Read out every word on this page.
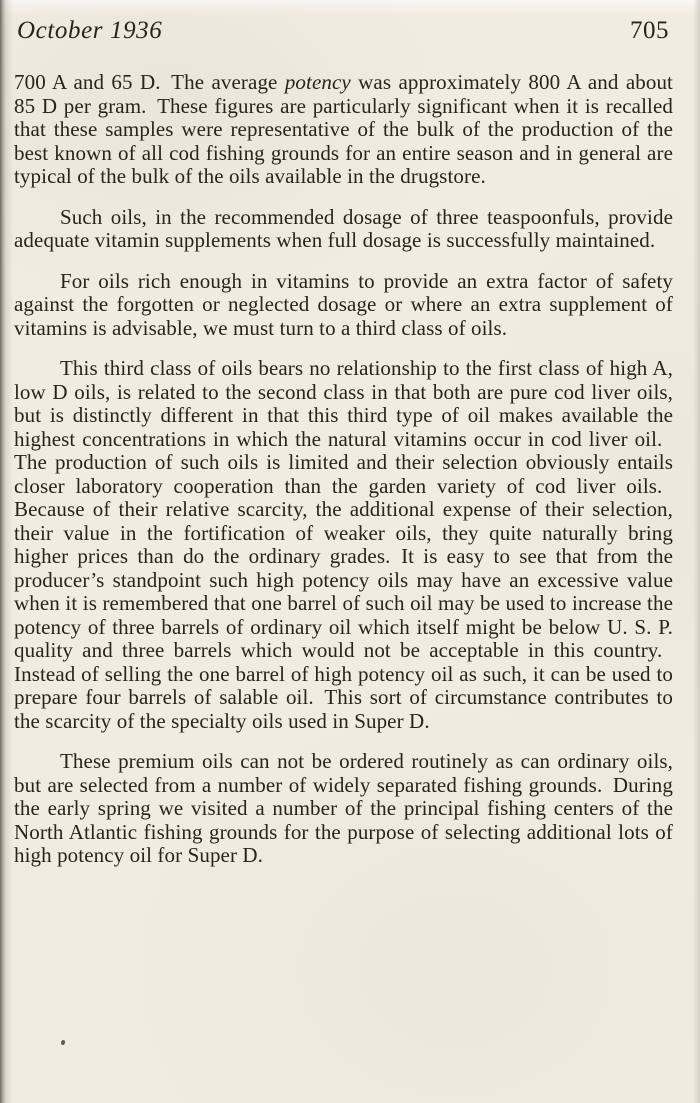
October 1936	705

700 A and 65 D. The average potency was approximately 800 A and about 85 D per gram. These figures are particularly significant when it is recalled that these samples were representative of the bulk of the production of the best known of all cod fishing grounds for an entire season and in general are typical of the bulk of the oils available in the drugstore.

Such oils, in the recommended dosage of three teaspoonfuls, provide adequate vitamin supplements when full dosage is successfully maintained.

For oils rich enough in vitamins to provide an extra factor of safety against the forgotten or neglected dosage or where an extra supplement of vitamins is advisable, we must turn to a third class of oils.

This third class of oils bears no relationship to the first class of high A, low D oils, is related to the second class in that both are pure cod liver oils, but is distinctly different in that this third type of oil makes available the highest concentrations in which the natural vitamins occur in cod liver oil. The production of such oils is limited and their selection obviously entails closer laboratory cooperation than the garden variety of cod liver oils. Because of their relative scarcity, the additional expense of their selection, their value in the fortification of weaker oils, they quite naturally bring higher prices than do the ordinary grades. It is easy to see that from the producer’s standpoint such high potency oils may have an excessive value when it is remembered that one barrel of such oil may be used to increase the potency of three barrels of ordinary oil which itself might be below U. S. P. quality and three barrels which would not be acceptable in this country. Instead of selling the one barrel of high potency oil as such, it can be used to prepare four barrels of salable oil. This sort of circumstance contributes to the scarcity of the specialty oils used in Super D.

These premium oils can not be ordered routinely as can ordinary oils, but are selected from a number of widely separated fishing grounds. During the early spring we visited a number of the principal fishing centers of the North Atlantic fishing grounds for the purpose of selecting additional lots of high potency oil for Super D.
